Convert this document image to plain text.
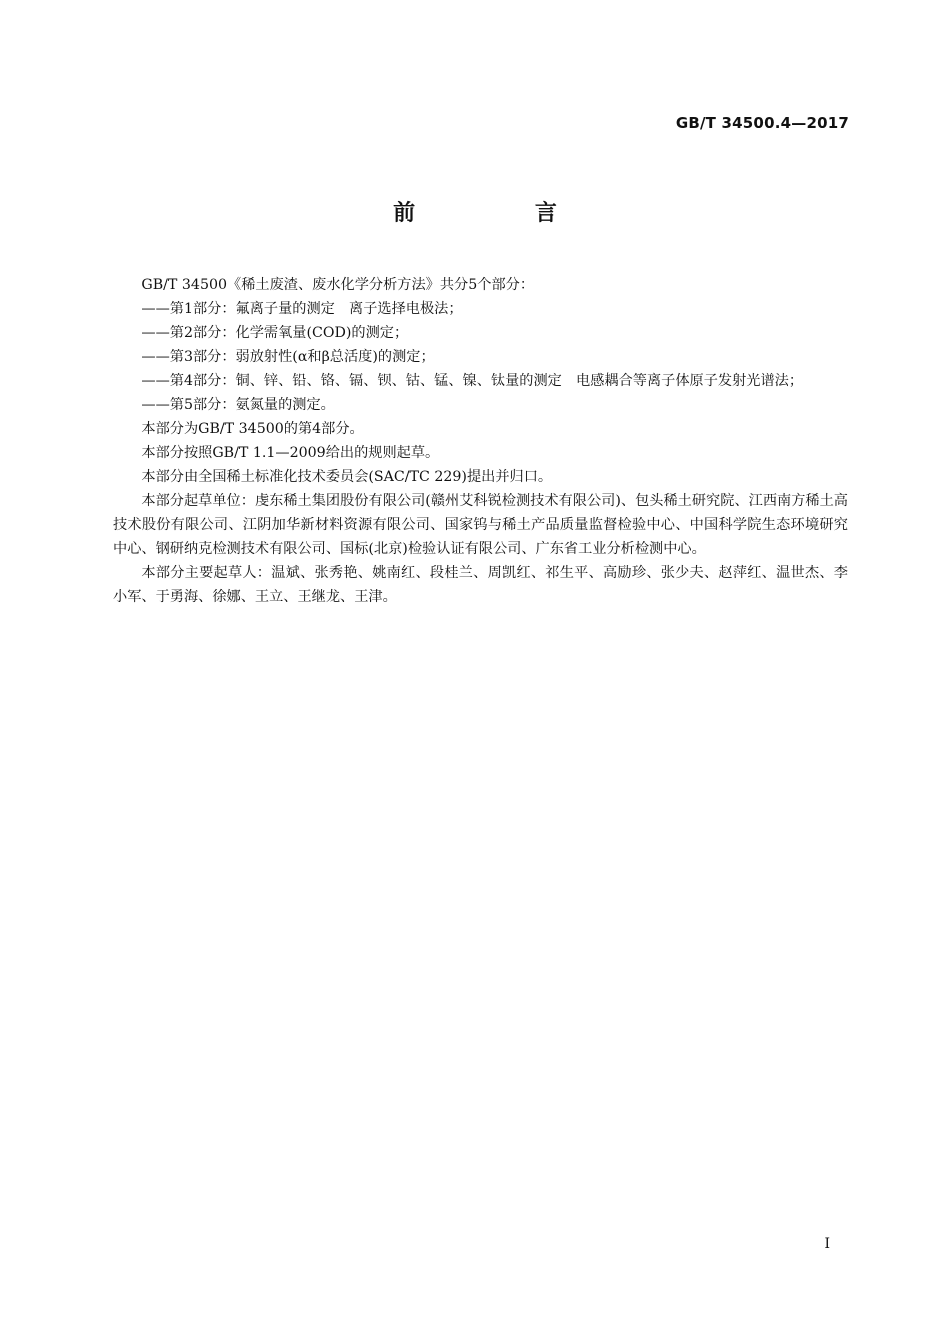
GB/T 34500.4—2017
前 言

GB/T 34500《稀土废渣、废水化学分析方法》共分5个部分：

——第1部分：氟离子量的测定　离子选择电极法；

——第2部分：化学需氧量(COD)的测定；

——第3部分：弱放射性(α和β总活度)的测定；

——第4部分：铜、锌、铅、铬、镉、钡、钴、锰、镍、钛量的测定　电感耦合等离子体原子发射光谱法；

——第5部分：氨氮量的测定。

本部分为GB/T 34500的第4部分。

本部分按照GB/T 1.1—2009给出的规则起草。

本部分由全国稀土标准化技术委员会(SAC/TC 229)提出并归口。

本部分起草单位：虔东稀土集团股份有限公司(赣州艾科锐检测技术有限公司)、包头稀土研究院、江西南方稀土高技术股份有限公司、江阴加华新材料资源有限公司、国家钨与稀土产品质量监督检验中心、中国科学院生态环境研究中心、钢研纳克检测技术有限公司、国标(北京)检验认证有限公司、广东省工业分析检测中心。

本部分主要起草人：温斌、张秀艳、姚南红、段桂兰、周凯红、祁生平、高励珍、张少夫、赵萍红、温世杰、李小军、于勇海、徐娜、王立、王继龙、王津。

I
